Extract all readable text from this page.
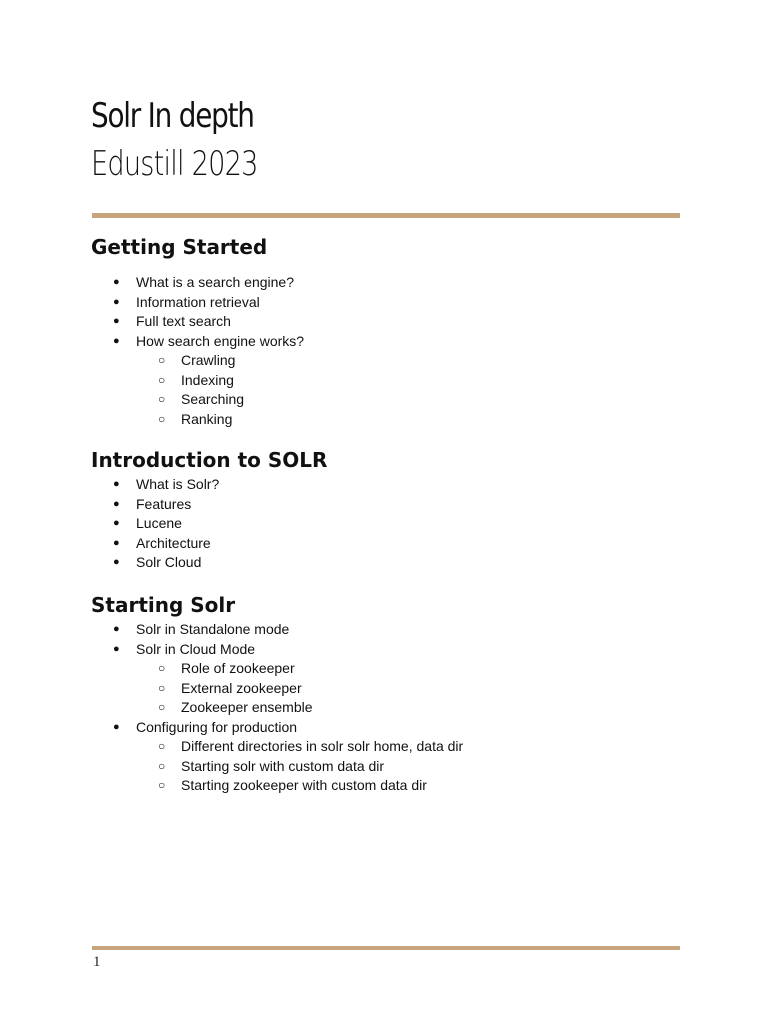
Solr In depth
Edustill 2023
Getting Started
● What is a search engine?
● Information retrieval
● Full text search
● How search engine works?
○ Crawling
○ Indexing
○ Searching
○ Ranking
Introduction to SOLR
● What is Solr?
● Features
● Lucene
● Architecture
● Solr Cloud
Starting Solr
● Solr in Standalone mode
● Solr in Cloud Mode
○ Role of zookeeper
○ External zookeeper
○ Zookeeper ensemble
● Configuring for production
○ Different directories in solr solr home, data dir
○ Starting solr with custom data dir
○ Starting zookeeper with custom data dir
1
